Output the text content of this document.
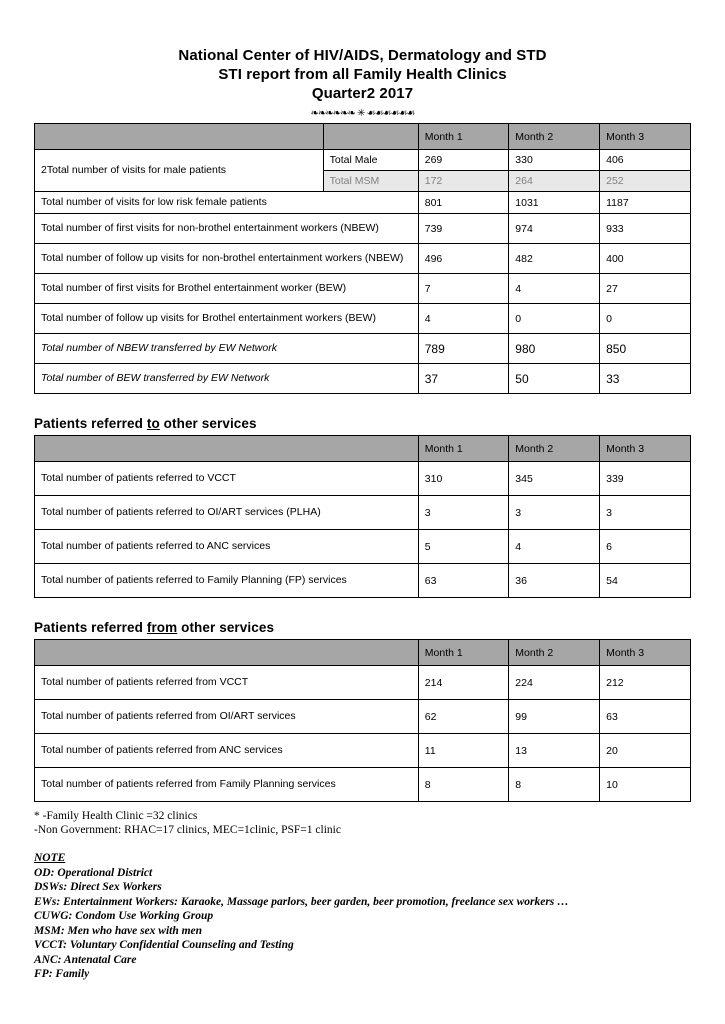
National Center of HIV/AIDS, Dermatology and STD
STI report from all Family Health Clinics
Quarter2 2017
❧❧❧❧❧❧ ✳ ☙☙☙☙☙☙
		Month 1	Month 2	Month 3
2Total number of visits for male patients	Total Male	269	330	406
	Total MSM	172	264	252
Total number of visits for low risk female patients		801	1031	1187
Total number of first visits for non-brothel entertainment workers (NBEW)		739	974	933
Total number of follow up visits for non-brothel entertainment workers (NBEW)		496	482	400
Total number of first visits for Brothel entertainment worker (BEW)		7	4	27
Total number of follow up visits for Brothel entertainment workers (BEW)		4	0	0
Total number of NBEW transferred by EW Network		789	980	850
Total number of BEW transferred by EW Network		37	50	33
Patients referred to other services
	Month 1	Month 2	Month 3
Total number of patients referred to VCCT	310	345	339
Total number of patients referred to OI/ART services (PLHA)	3	3	3
Total number of patients referred to ANC services	5	4	6
Total number of patients referred to Family Planning (FP) services	63	36	54
Patients referred from other services
	Month 1	Month 2	Month 3
Total number of patients referred from VCCT	214	224	212
Total number of patients referred from OI/ART services	62	99	63
Total number of patients referred from ANC services	11	13	20
Total number of patients referred from Family Planning services	8	8	10
* -Family Health Clinic =32 clinics
-Non Government: RHAC=17 clinics, MEC=1clinic, PSF=1 clinic
NOTE
OD: Operational District
DSWs: Direct Sex Workers
EWs: Entertainment Workers: Karaoke, Massage parlors, beer garden, beer promotion, freelance sex workers …
CUWG: Condom Use Working Group
MSM: Men who have sex with men
VCCT: Voluntary Confidential Counseling and Testing
ANC: Antenatal Care
FP: Family
